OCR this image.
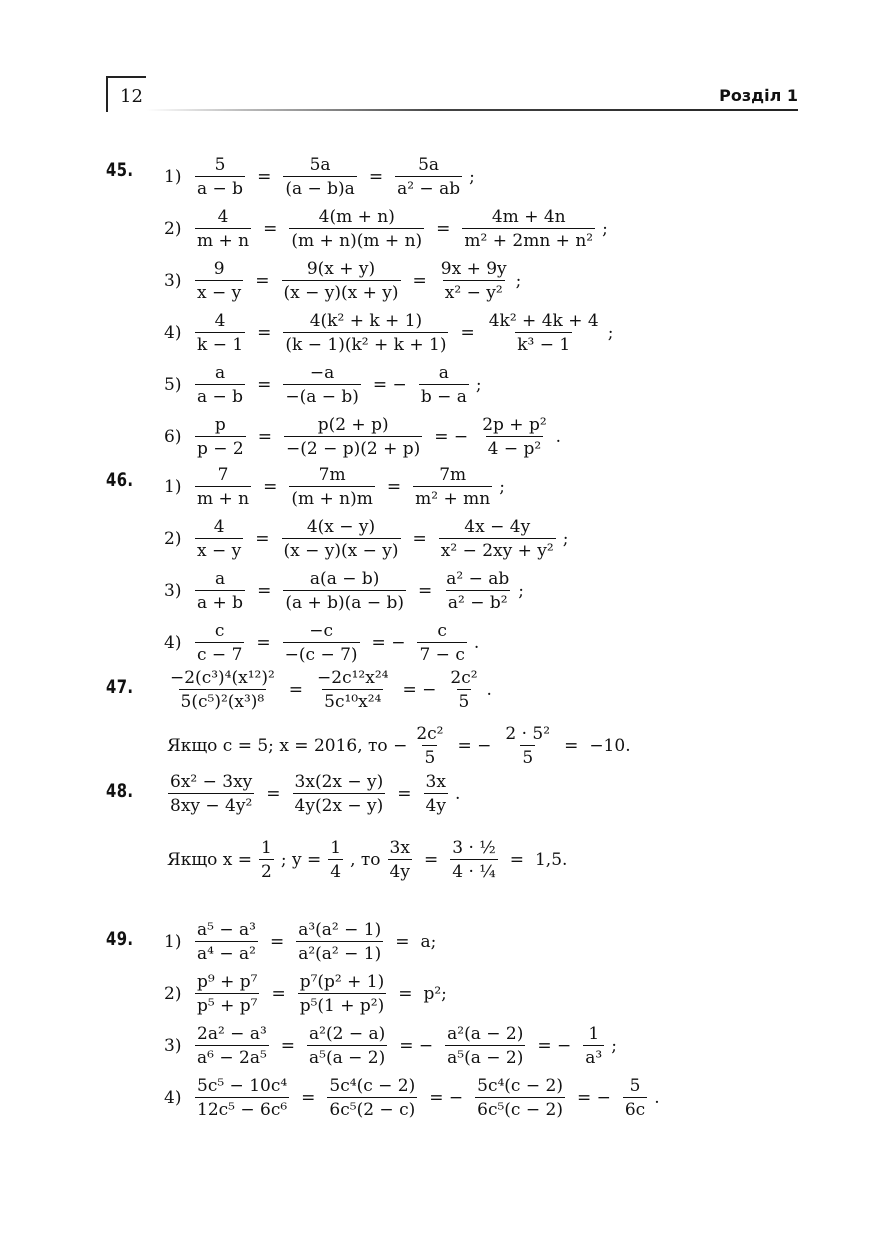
12	Розділ 1
45. $1) \frac{5}{a - b} = \frac{5a}{(a - b)a} = \frac{5a}{\text{a² − ab}}$ ;
$2) \frac{4}{m + n} = \frac{4(m + n)}{(m + n)(m + n)} = \frac{4m + 4n}{\text{m² + 2mn + n²}}$ ;
$3) \frac{9}{x - y} = \frac{9(x + y)}{(x - y)(x + y)} = \frac{9x + 9y}{\text{x² − y²}}$ ;
$4) \frac{4}{k - 1} = \frac{\text{4(k² + k + 1)}}{\text{(k − 1)(k² + k + 1)}} = \frac{\text{4k² + 4k + 4}}{\text{k³ − 1}}$ ;
$5) \frac{a}{a - b} = \frac{-a}{-(a - b)}$ = − $\frac{a}{b - a}$ ;
$6) \frac{p}{p - 2} = \frac{p(2 + p)}{-(2 - p)(2 + p)}$ = − $\frac{\text{2p + p²}}{\text{4 − p²}}$ .
46. $1) \frac{7}{m + n} = \frac{7m}{(m + n)m} = \frac{7m}{\text{m² + mn}}$ ;
$2) \frac{4}{x - y} = \frac{4(x - y)}{(x - y)(x - y)} = \frac{4x - 4y}{\text{x² − 2xy + y²}}$ ;
$3) \frac{a}{a + b} = \frac{a(a - b)}{(a + b)(a - b)} = \frac{\text{a² − ab}}{\text{a² − b²}}$ ;
$4) \frac{c}{c - 7} = \frac{-c}{-(c - 7)}$ = − $\frac{c}{7 - c}$ .
47. $\frac{\text{−2(c³)⁴(x¹²)²}}{\text{5(c⁵)²(x³)⁸}} = \frac{\text{−2c¹²x²⁴}}{\text{5c¹⁰x²⁴}}$ = − $\frac{\text{2c²}}{5}$ .
Якщо c = 5; x = 2016, то − $\frac{\text{2c²}}{5}$ = − $\frac{\text{2 · 5²}}{5} = -10$.
48. $\frac{\text{6x² − 3xy}}{\text{8xy − 4y²}} = \frac{3x(2x - y)}{4y(2x - y)} = \frac{3x}{4y}$ .
Якщо $x = \frac{1}{2}$ ; $y = \frac{1}{4}$ , то $\frac{3x}{4y} = \frac{\text{3 · ½}}{\text{4 · ¼}} = 1,5$.
49. $1) \frac{\text{a⁵ − a³}}{\text{a⁴ − a²}} = \frac{\text{a³(a² − 1)}}{\text{a²(a² − 1)}} = a$;
$2) \frac{\text{p⁹ + p⁷}}{\text{p⁵ + p⁷}} = \frac{\text{p⁷(p² + 1)}}{\text{p⁵(1 + p²)}} = p^2$;
$3) \frac{\text{2a² − a³}}{\text{a⁶ − 2a⁵}} = \frac{\text{a²(2 − a)}}{\text{a⁵(a − 2)}}$ = − $\frac{\text{a²(a − 2)}}{\text{a⁵(a − 2)}}$ = − $\frac{1}{\text{a³}}$ ;
$4) \frac{\text{5c⁵ − 10c⁴}}{\text{12c⁵ − 6c⁶}} = \frac{\text{5c⁴(c − 2)}}{\text{6c⁵(2 − c)}}$ = − $\frac{\text{5c⁴(c − 2)}}{\text{6c⁵(c − 2)}}$ = − $\frac{5}{6c}$ .
